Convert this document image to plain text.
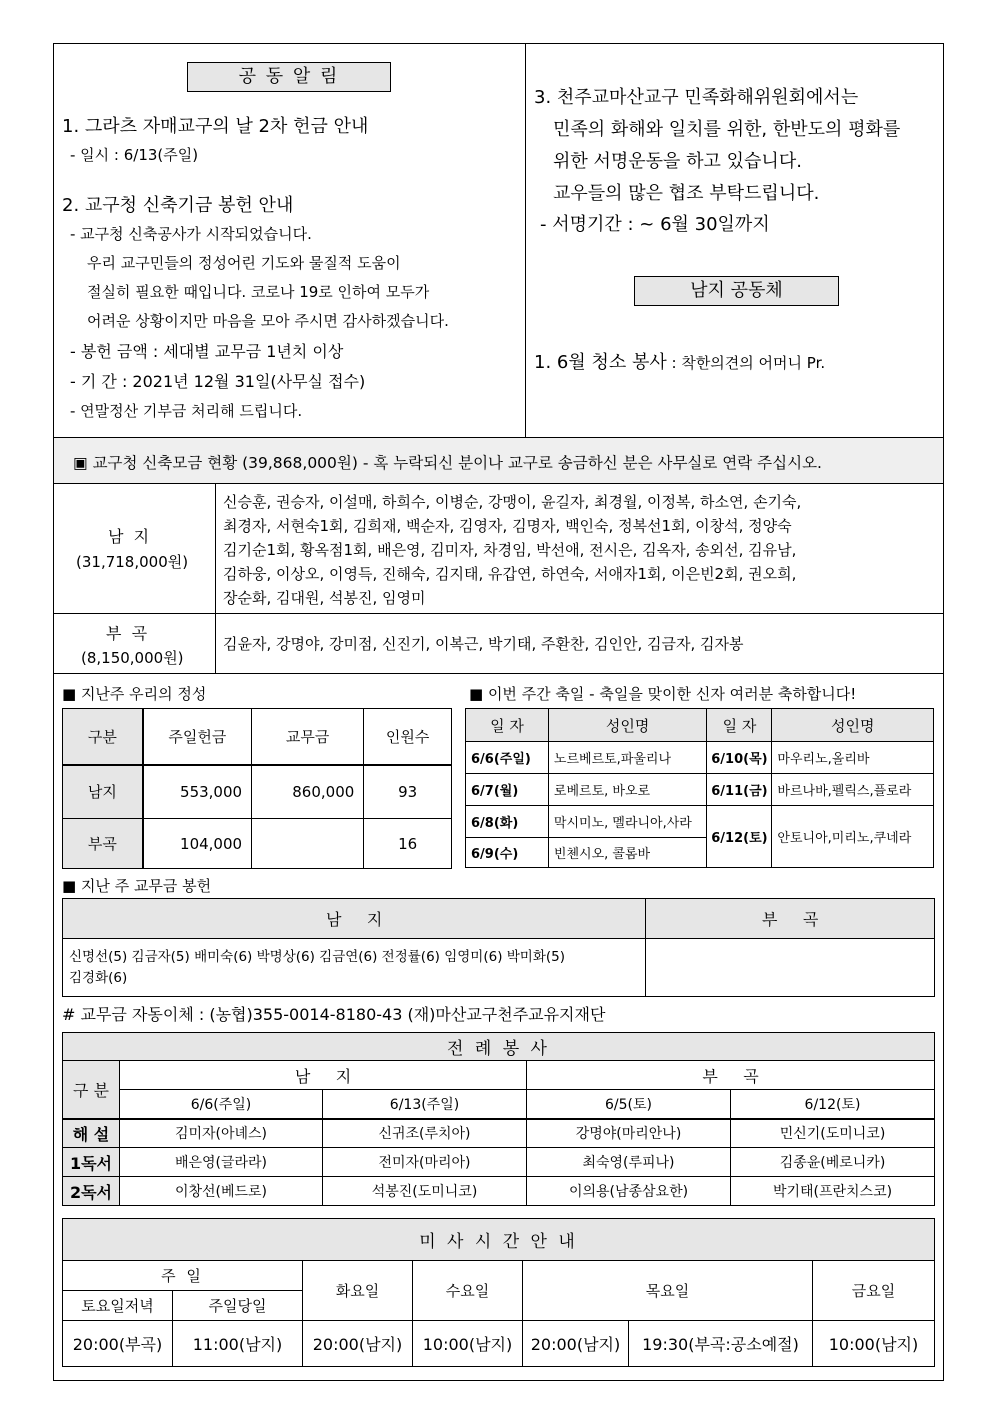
공 동 알 림
1. 그라츠 자매교구의 날 2차 헌금 안내
- 일시 : 6/13(주일)
2. 교구청 신축기금 봉헌 안내
- 교구청 신축공사가 시작되었습니다.
우리 교구민들의 정성어린 기도와 물질적 도움이
절실히 필요한 때입니다. 코로나 19로 인하여 모두가
어려운 상황이지만 마음을 모아 주시면 감사하겠습니다.
- 봉헌 금액 : 세대별 교무금 1년치 이상
- 기 간 : 2021년 12월 31일(사무실 접수)
- 연말정산 기부금 처리해 드립니다.
3. 천주교마산교구 민족화해위원회에서는
민족의 화해와 일치를 위한, 한반도의 평화를
위한 서명운동을 하고 있습니다.
교우들의 많은 협조 부탁드립니다.
- 서명기간 : ~ 6월 30일까지
남지 공동체
1. 6월 청소 봉사 : 착한의견의 어머니 Pr.
▣ 교구청 신축모금 현황 (39,868,000원) - 혹 누락되신 분이나 교구로 송금하신 분은 사무실로 연락 주십시오.
남  지
(31,718,000원)
신승훈, 권승자, 이설매, 하희수, 이병순, 강맹이, 윤길자, 최경월, 이정복, 하소연, 손기숙,
최경자, 서현숙1회, 김희재, 백순자, 김영자, 김명자, 백인숙, 정복선1회, 이창석, 정양숙
김기순1회, 황옥점1회, 배은영, 김미자, 차경임, 박선애, 전시은, 김옥자, 송외선, 김유남,
김하웅, 이상오, 이영득, 진해숙, 김지태, 유갑연, 하연숙, 서애자1회, 이은빈2회, 권오희,
장순화, 김대원, 석봉진, 임영미
부  곡
(8,150,000원)
김윤자, 강명야, 강미점, 신진기, 이복근, 박기태, 주환찬, 김인안, 김금자, 김자봉
■ 지난주 우리의 정성
구분	주일헌금	교무금	인원수
남지	553,000	860,000	93
부곡	104,000		16
■ 이번 주간 축일 - 축일을 맞이한 신자 여러분 축하합니다!
일 자	성인명	일 자	성인명
6/6(주일)	노르베르토,파울리나	6/10(목)	마우리노,올리바
6/7(월)	로베르토, 바오로	6/11(금)	바르나바,펠릭스,플로라
6/8(화)	막시미노, 멜라니아,사라	6/12(토)	안토니아,미리노,쿠네라
6/9(수)	빈첸시오, 콜롬바		
■ 지난 주 교무금 봉헌
남     지	부     곡

신명선(5) 김금자(5) 배미숙(6) 박명상(6) 김금연(6) 전정률(6) 임영미(6) 박미화(5)
김경화(6)	

# 교무금 자동이체 : (농협)355-0014-8180-43 (재)마산교구천주교유지재단
전 례 봉 사				
구 분	남     지		부     곡	
	6/6(주일)	6/13(주일)	6/5(토)	6/12(토)
해 설	김미자(아녜스)	신귀조(루치아)	강명야(마리안나)	민신기(도미니코)
1독서	배은영(글라라)	전미자(마리아)	최숙영(루피나)	김종윤(베로니카)
2독서	이창선(베드로)	석봉진(도미니코)	이의용(남종삼요한)	박기태(프란치스코)
미 사 시 간 안 내						
주 일		화요일	수요일	목요일		금요일
토요일저녁	주일당일					
20:00(부곡)	11:00(남지)	20:00(남지)	10:00(남지)	20:00(남지)	19:30(부곡:공소예절)	10:00(남지)
